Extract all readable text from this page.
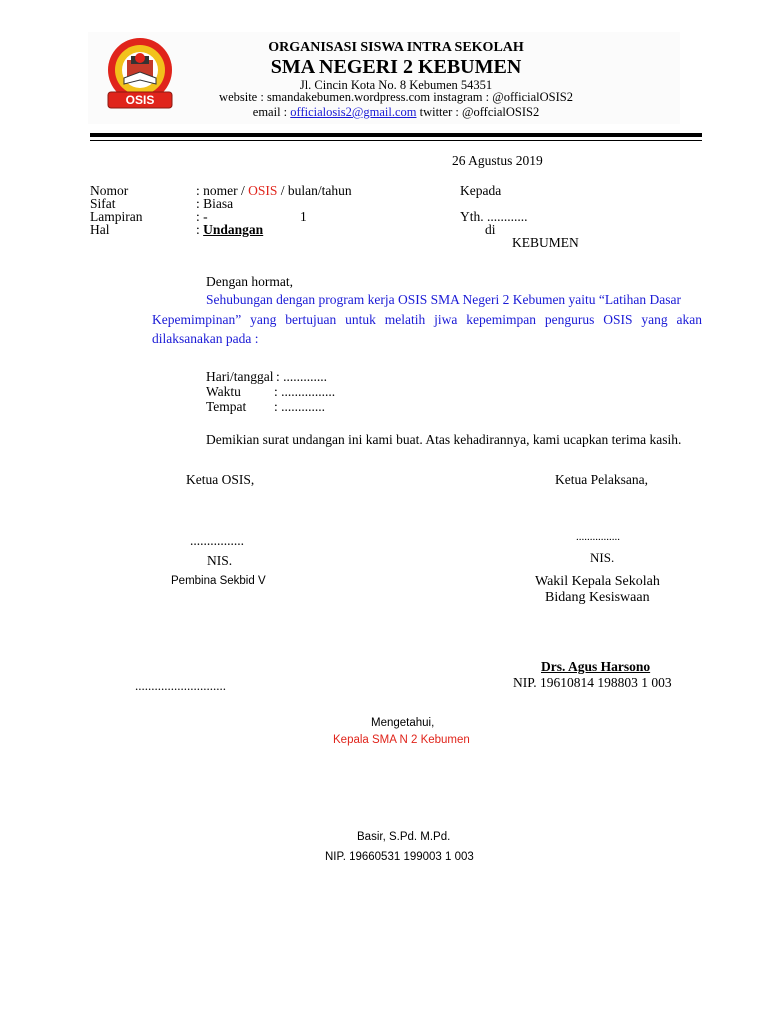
OSIS
ORGANISASI SISWA INTRA SEKOLAH
SMA NEGERI 2 KEBUMEN
Jl. Cincin Kota No. 8 Kebumen 54351
website : smandakebumen.wordpress.com instagram : @officialOSIS2
email : officialosis2@gmail.com twitter : @offcialOSIS2
26 Agustus 2019
Nomor	: nomer / OSIS / bulan/tahun
Sifat	: Biasa
Lampiran	: -	1
Hal	: Undangan
Kepada
Yth. ............
di
KEBUMEN
Dengan hormat,
Sehubungan dengan program kerja OSIS SMA Negeri 2 Kebumen yaitu “Latihan Dasar
Kepemimpinan” yang bertujuan untuk melatih jiwa kepemimpan pengurus OSIS yang akan
dilaksanakan pada :
Hari/tanggal : .............
Waktu : ................
Tempat : .............
Demikian surat undangan ini kami buat. Atas kehadirannya, kami ucapkan terima kasih.
Ketua OSIS,
................
NIS.
Ketua Pelaksana,
................
NIS.
Pembina Sekbid V
............................
Wakil Kepala Sekolah
Bidang Kesiswaan
Drs. Agus Harsono
NIP. 19610814 198803 1 003
Mengetahui,
Kepala SMA N 2 Kebumen
Basir, S.Pd. M.Pd.
NIP. 19660531 199003 1 003
